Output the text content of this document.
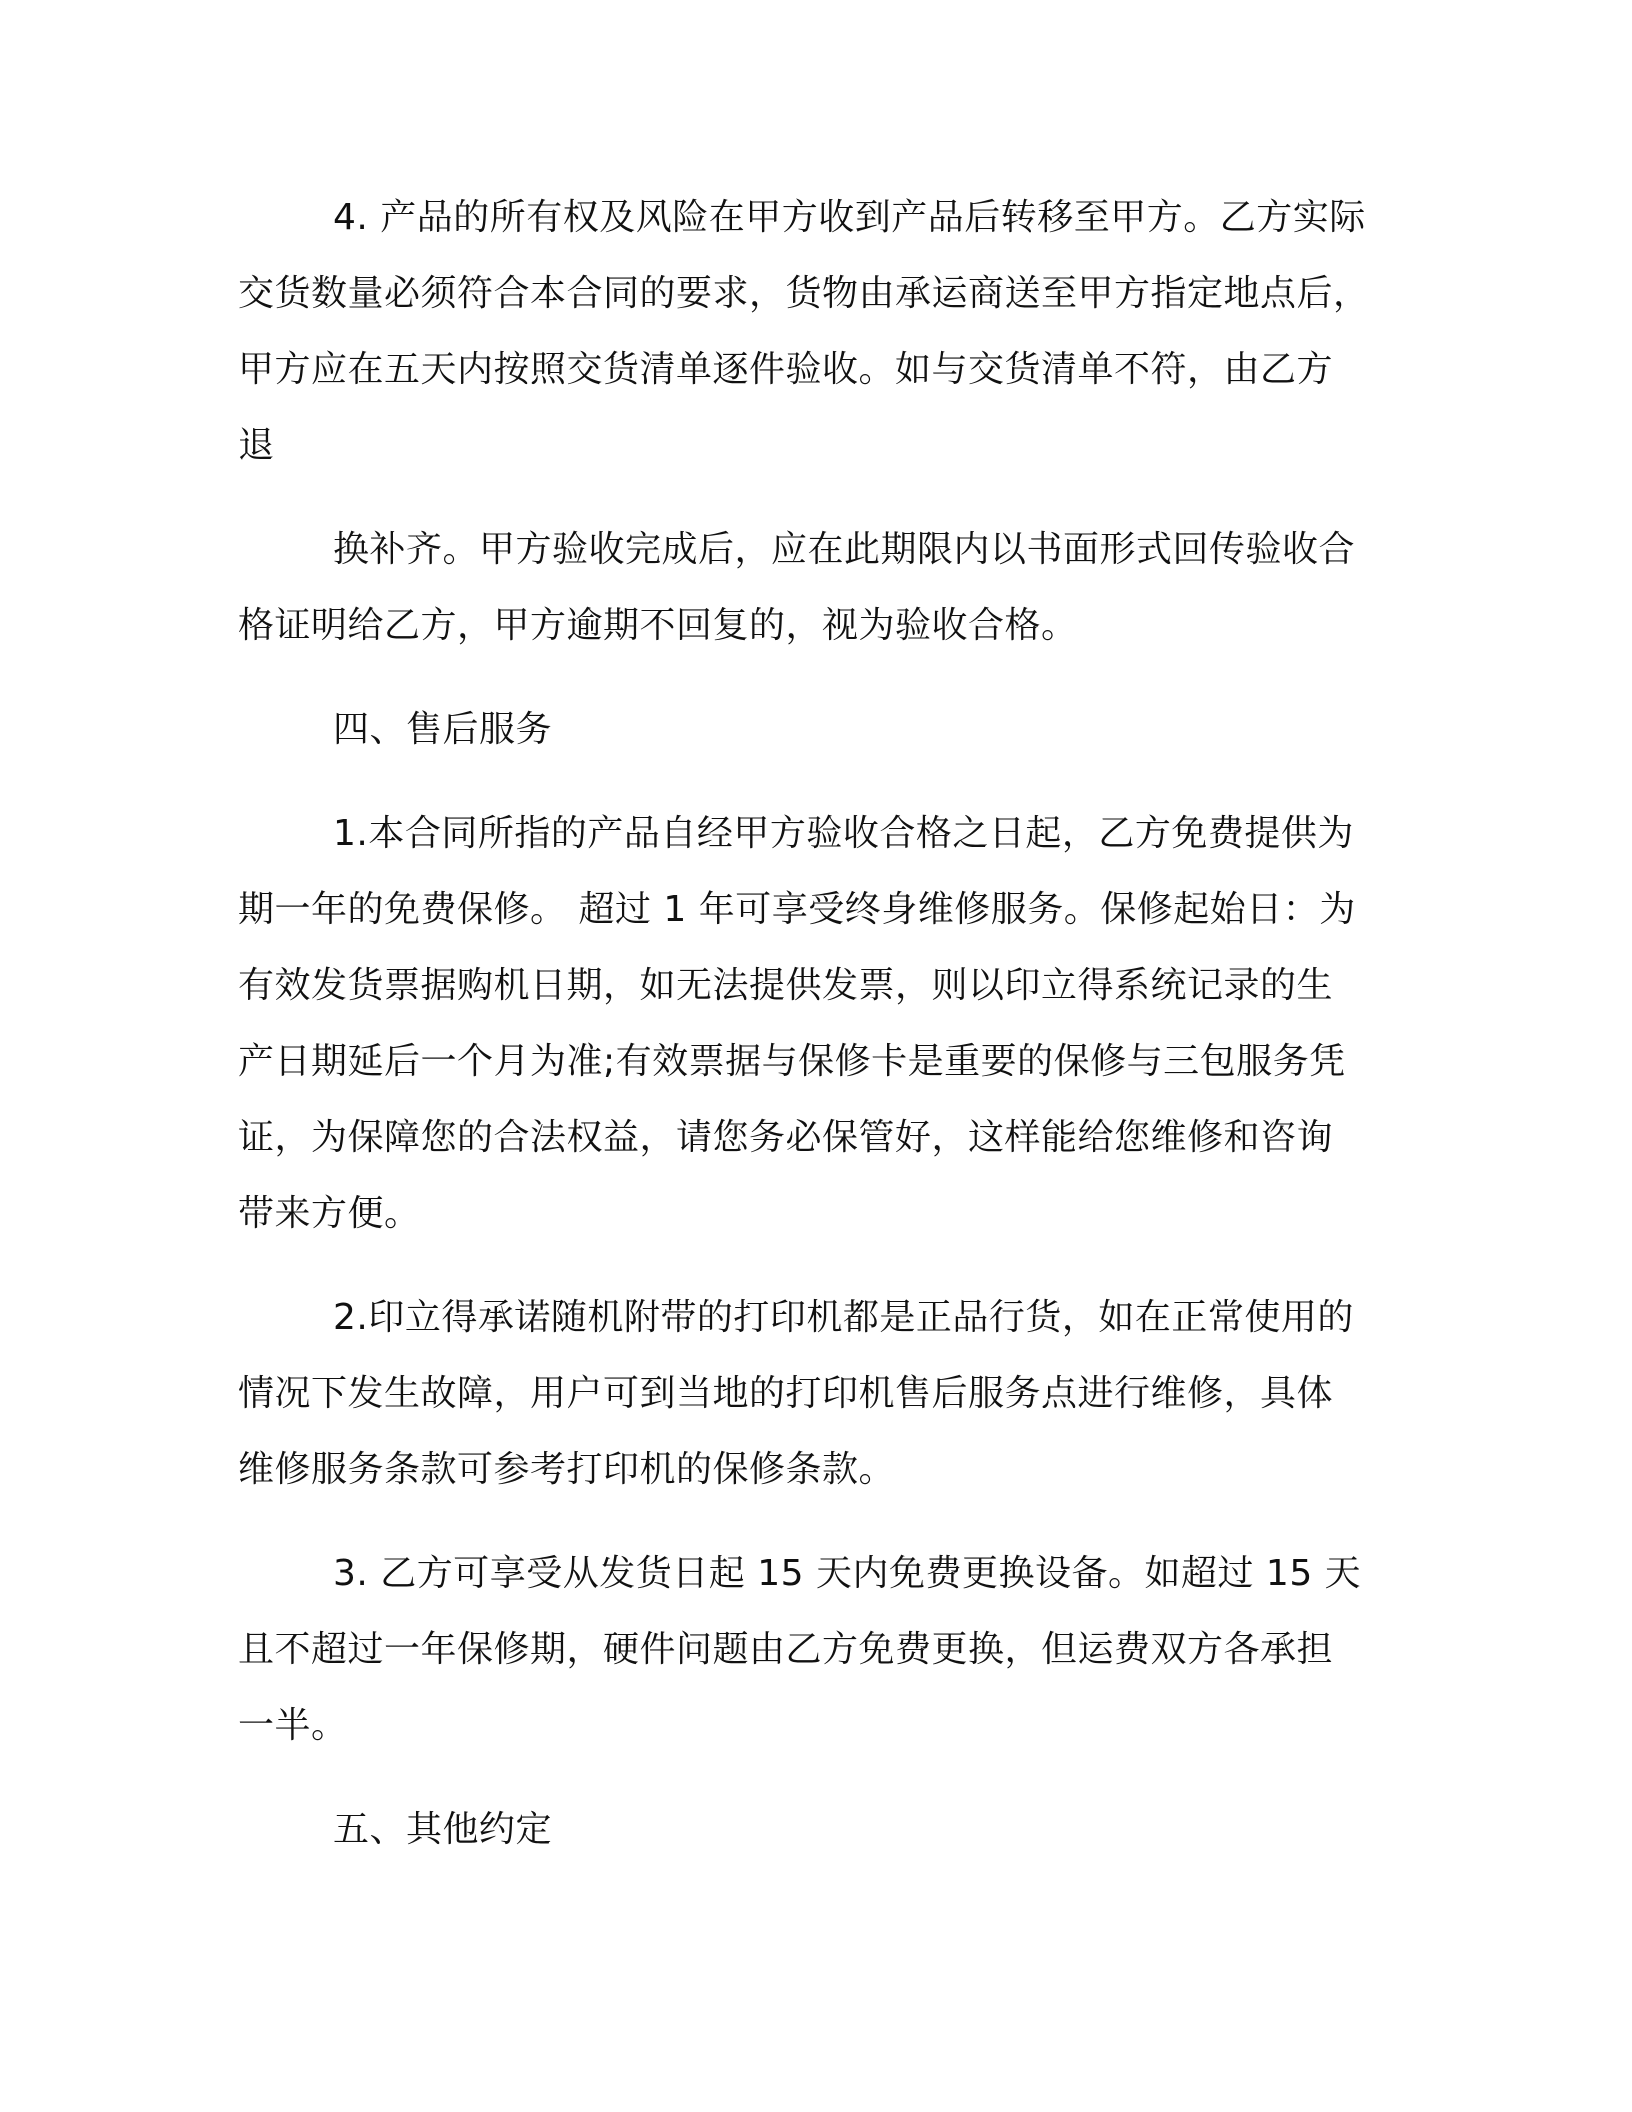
4. 产品的所有权及风险在甲方收到产品后转移至甲方。乙方实际
交货数量必须符合本合同的要求，货物由承运商送至甲方指定地点后，
甲方应在五天内按照交货清单逐件验收。如与交货清单不符，由乙方
退
换补齐。甲方验收完成后，应在此期限内以书面形式回传验收合
格证明给乙方，甲方逾期不回复的，视为验收合格。
四、售后服务
1.本合同所指的产品自经甲方验收合格之日起，乙方免费提供为
期一年的免费保修。 超过 1 年可享受终身维修服务。保修起始日：为
有效发货票据购机日期，如无法提供发票，则以印立得系统记录的生
产日期延后一个月为准;有效票据与保修卡是重要的保修与三包服务凭
证，为保障您的合法权益，请您务必保管好，这样能给您维修和咨询
带来方便。
2.印立得承诺随机附带的打印机都是正品行货，如在正常使用的
情况下发生故障，用户可到当地的打印机售后服务点进行维修，具体
维修服务条款可参考打印机的保修条款。
3. 乙方可享受从发货日起 15 天内免费更换设备。如超过 15 天
且不超过一年保修期，硬件问题由乙方免费更换，但运费双方各承担
一半。
五、其他约定
